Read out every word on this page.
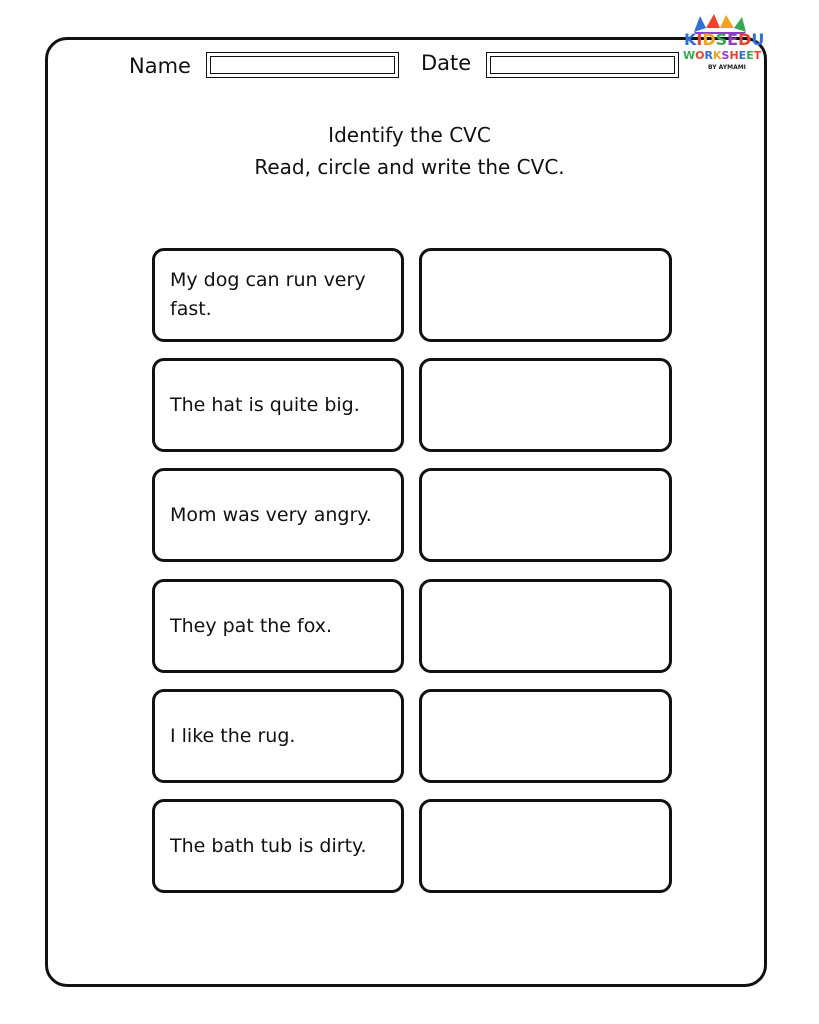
Name	Date
KIDSEDU
WORKSHEET
BY AYMAMI
Identify the CVC
Read, circle and write the CVC.
My dog can run very fast.
The hat is quite big.
Mom was very angry.
They pat the fox.
I like the rug.
The bath tub is dirty.
